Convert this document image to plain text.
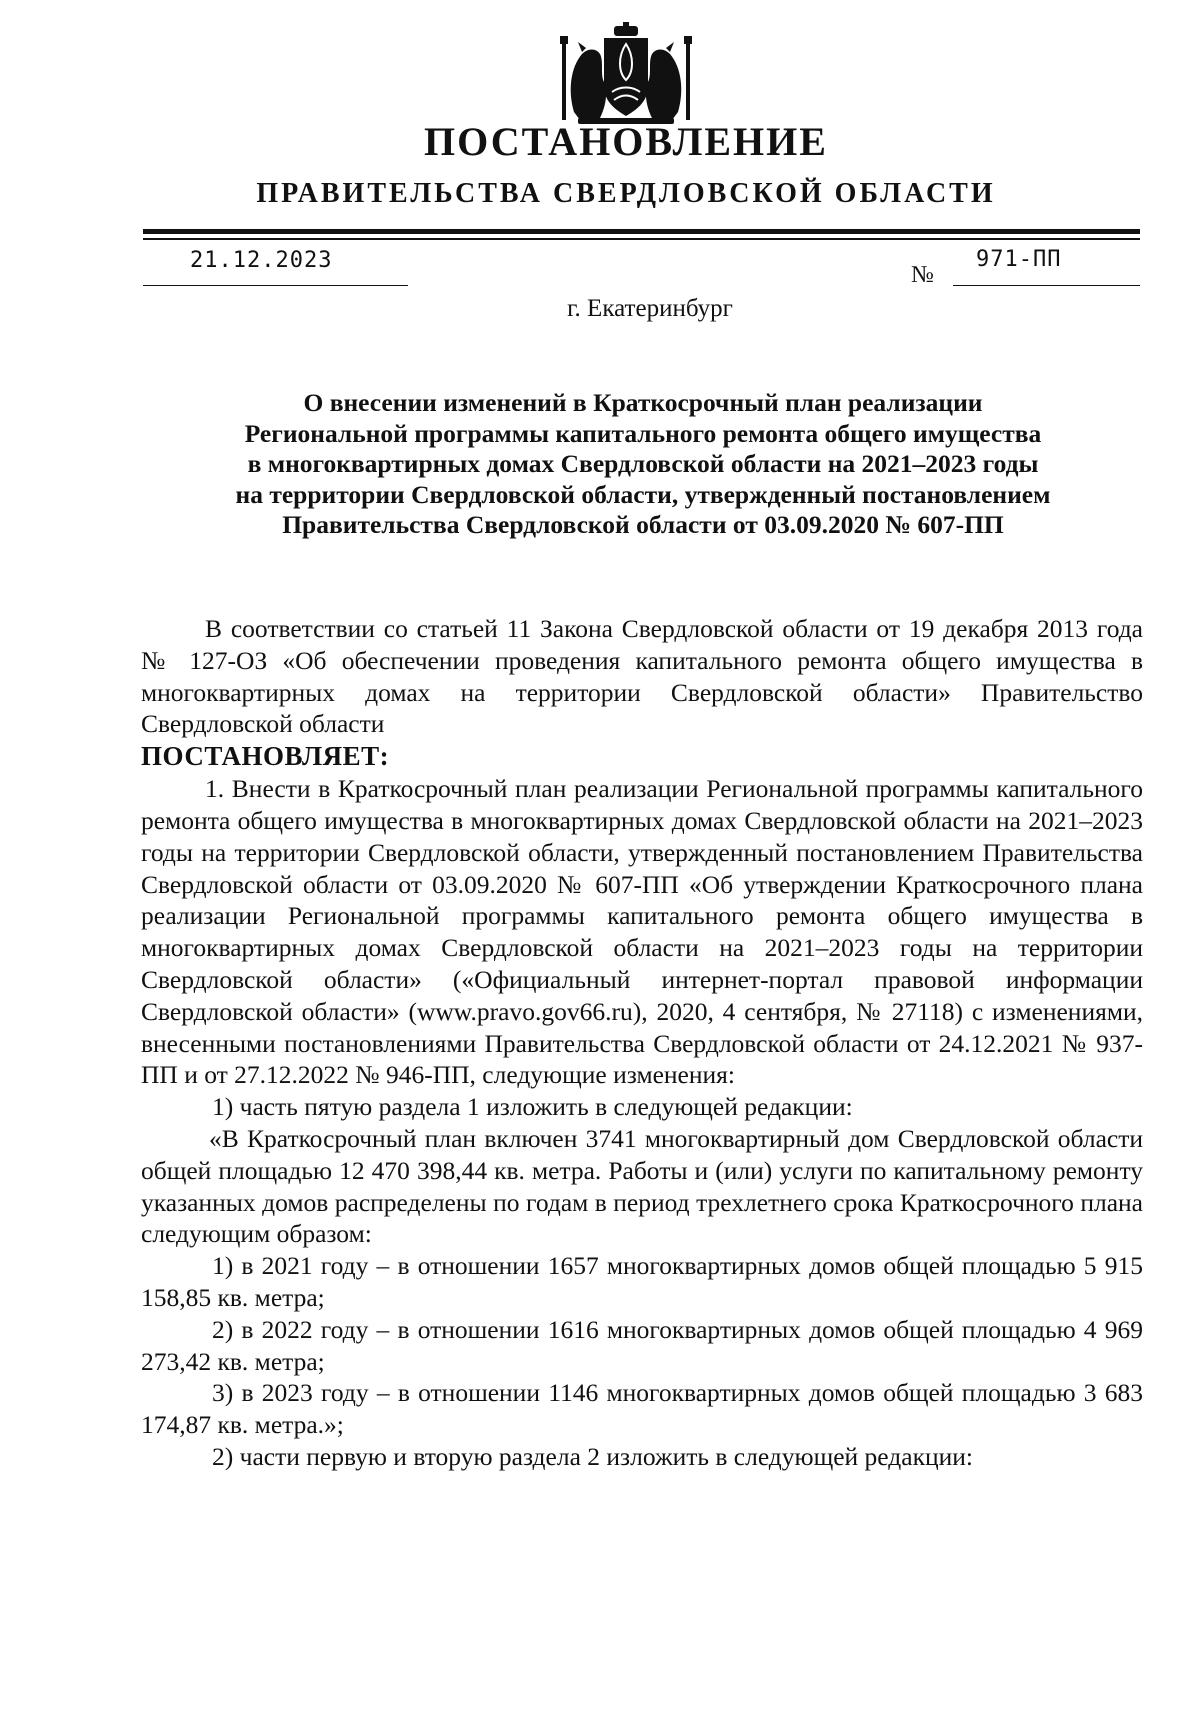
ПОСТАНОВЛЕНИЕ
ПРАВИТЕЛЬСТВА СВЕРДЛОВСКОЙ ОБЛАСТИ
21.12.2023
№
971-ПП
г. Екатеринбург
О внесении изменений в Краткосрочный план реализации
Региональной программы капитального ремонта общего имущества
в многоквартирных домах Свердловской области на 2021–2023 годы
на территории Свердловской области, утвержденный постановлением
Правительства Свердловской области от 03.09.2020 № 607-ПП

В соответствии со статьей 11 Закона Свердловской области от 19 декабря 2013 года № 127-ОЗ «Об обеспечении проведения капитального ремонта общего имущества в многоквартирных домах на территории Свердловской области» Правительство Свердловской области

ПОСТАНОВЛЯЕТ:

1. Внести в Краткосрочный план реализации Региональной программы капитального ремонта общего имущества в многоквартирных домах Свердловской области на 2021–2023 годы на территории Свердловской области, утвержденный постановлением Правительства Свердловской области от 03.09.2020 № 607-ПП «Об утверждении Краткосрочного плана реализации Региональной программы капитального ремонта общего имущества в многоквартирных домах Свердловской области на 2021–2023 годы на территории Свердловской области» («Официальный интернет-портал правовой информации Свердловской области» (www.pravo.gov66.ru), 2020, 4 сентября, № 27118) с изменениями, внесенными постановлениями Правительства Свердловской области от 24.12.2021 № 937-ПП и от 27.12.2022 № 946-ПП, следующие изменения:

1) часть пятую раздела 1 изложить в следующей редакции:

«В Краткосрочный план включен 3741 многоквартирный дом Свердловской области общей площадью 12 470 398,44 кв. метра. Работы и (или) услуги по капитальному ремонту указанных домов распределены по годам в период трехлетнего срока Краткосрочного плана следующим образом:

1) в 2021 году – в отношении 1657 многоквартирных домов общей площадью 5 915 158,85 кв. метра;

2) в 2022 году – в отношении 1616 многоквартирных домов общей площадью 4 969 273,42 кв. метра;

3) в 2023 году – в отношении 1146 многоквартирных домов общей площадью 3 683 174,87 кв. метра.»;

2) части первую и вторую раздела 2 изложить в следующей редакции:
